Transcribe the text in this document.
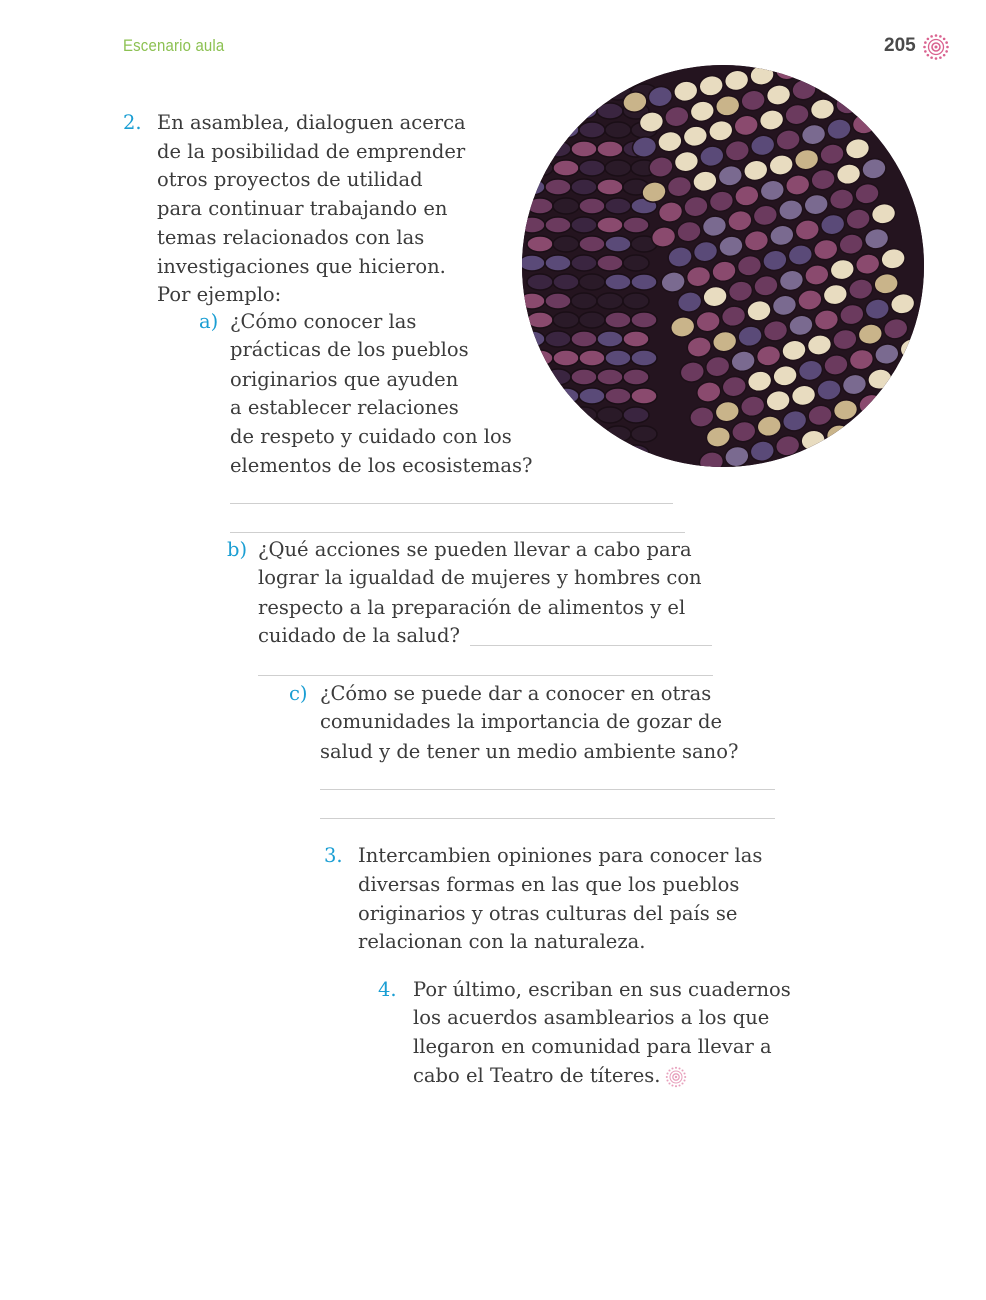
Escenario aula	205
2. En asamblea, dialoguen acerca
de la posibilidad de emprender
otros proyectos de utilidad
para continuar trabajando en
temas relacionados con las
investigaciones que hicieron.
Por ejemplo:
a) ¿Cómo conocer las
prácticas de los pueblos
originarios que ayuden
a establecer relaciones
de respeto y cuidado con los
elementos de los ecosistemas?
b) ¿Qué acciones se pueden llevar a cabo para
lograr la igualdad de mujeres y hombres con
respecto a la preparación de alimentos y el
cuidado de la salud?
c) ¿Cómo se puede dar a conocer en otras
comunidades la importancia de gozar de
salud y de tener un medio ambiente sano?
3. Intercambien opiniones para conocer las
diversas formas en las que los pueblos
originarios y otras culturas del país se
relacionan con la naturaleza.
4. Por último, escriban en sus cuadernos
los acuerdos asamblearios a los que
llegaron en comunidad para llevar a
cabo el Teatro de títeres.
